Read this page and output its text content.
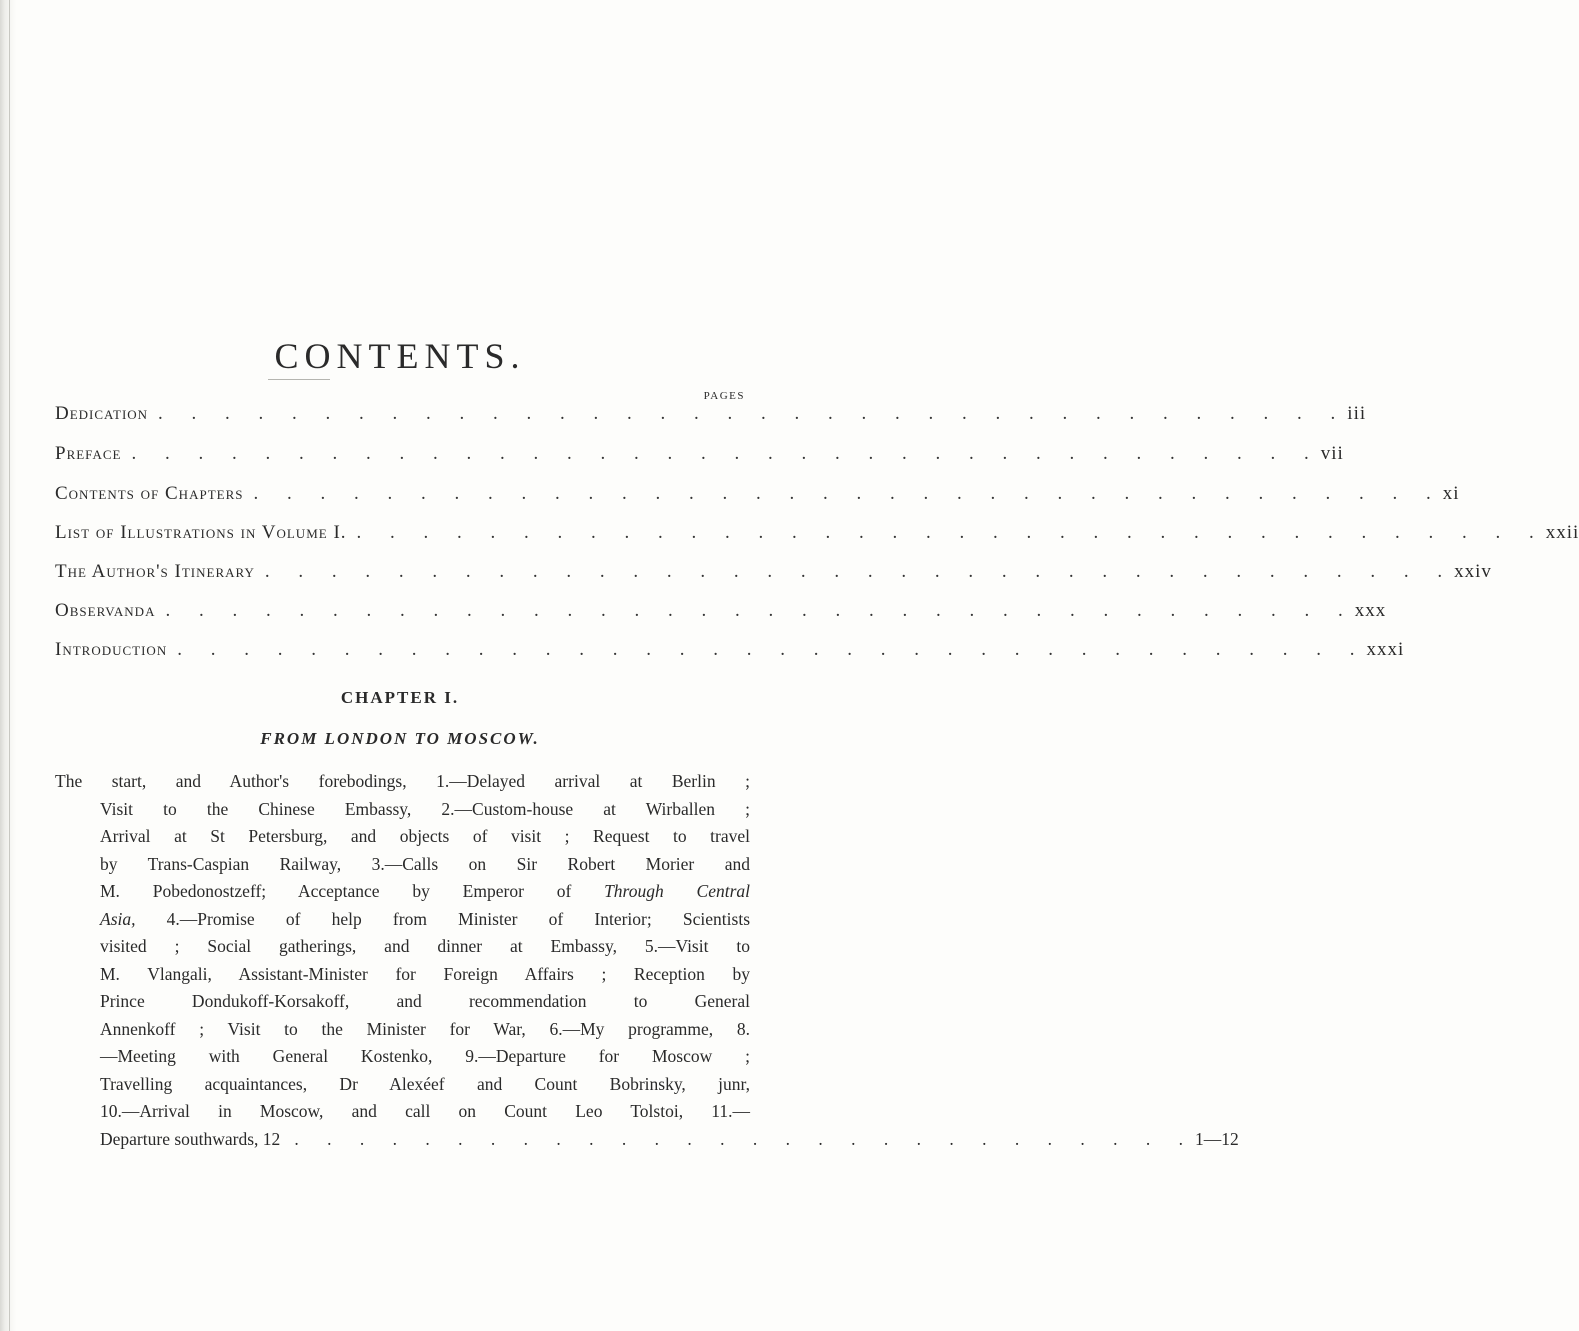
CONTENTS.
PAGES
Dedication . . . . . . . . . . . . . . . . . . . . . . . . . . . . . . . . . . . . iii
Preface . . . . . . . . . . . . . . . . . . . . . . . . . . . . . . . . . . . . vii
Contents of Chapters . . . . . . . . . . . . . . . . . . . . . . . . . . . . . . . . . . . . xi
List of Illustrations in Volume I. . . . . . . . . . . . . . . . . . . . . . . . . . . . . . . . . . . . . xxii
The Author's Itinerary . . . . . . . . . . . . . . . . . . . . . . . . . . . . . . . . . . . . xxiv
Observanda . . . . . . . . . . . . . . . . . . . . . . . . . . . . . . . . . . . . xxx
Introduction . . . . . . . . . . . . . . . . . . . . . . . . . . . . . . . . . . . . xxxi
CHAPTER I.
FROM LONDON TO MOSCOW.
The start, and Author's forebodings, 1.—Delayed arrival at Berlin ;
Visit to the Chinese Embassy, 2.—Custom-house at Wirballen ;
Arrival at St Petersburg, and objects of visit ; Request to travel
by Trans-Caspian Railway, 3.—Calls on Sir Robert Morier and
M. Pobedonostzeff; Acceptance by Emperor of Through Central
Asia, 4.—Promise of help from Minister of Interior; Scientists
visited ; Social gatherings, and dinner at Embassy, 5.—Visit to
M. Vlangali, Assistant-Minister for Foreign Affairs ; Reception by
Prince Dondukoff-Korsakoff, and recommendation to General
Annenkoff ; Visit to the Minister for War, 6.—My programme, 8.
—Meeting with General Kostenko, 9.—Departure for Moscow ;
Travelling acquaintances, Dr Alexéef and Count Bobrinsky, junr,
10.—Arrival in Moscow, and call on Count Leo Tolstoi, 11.—
Departure southwards, 12 . . . . . . . . . . . . . . . . . . . . . . . . . . . . 1—12
